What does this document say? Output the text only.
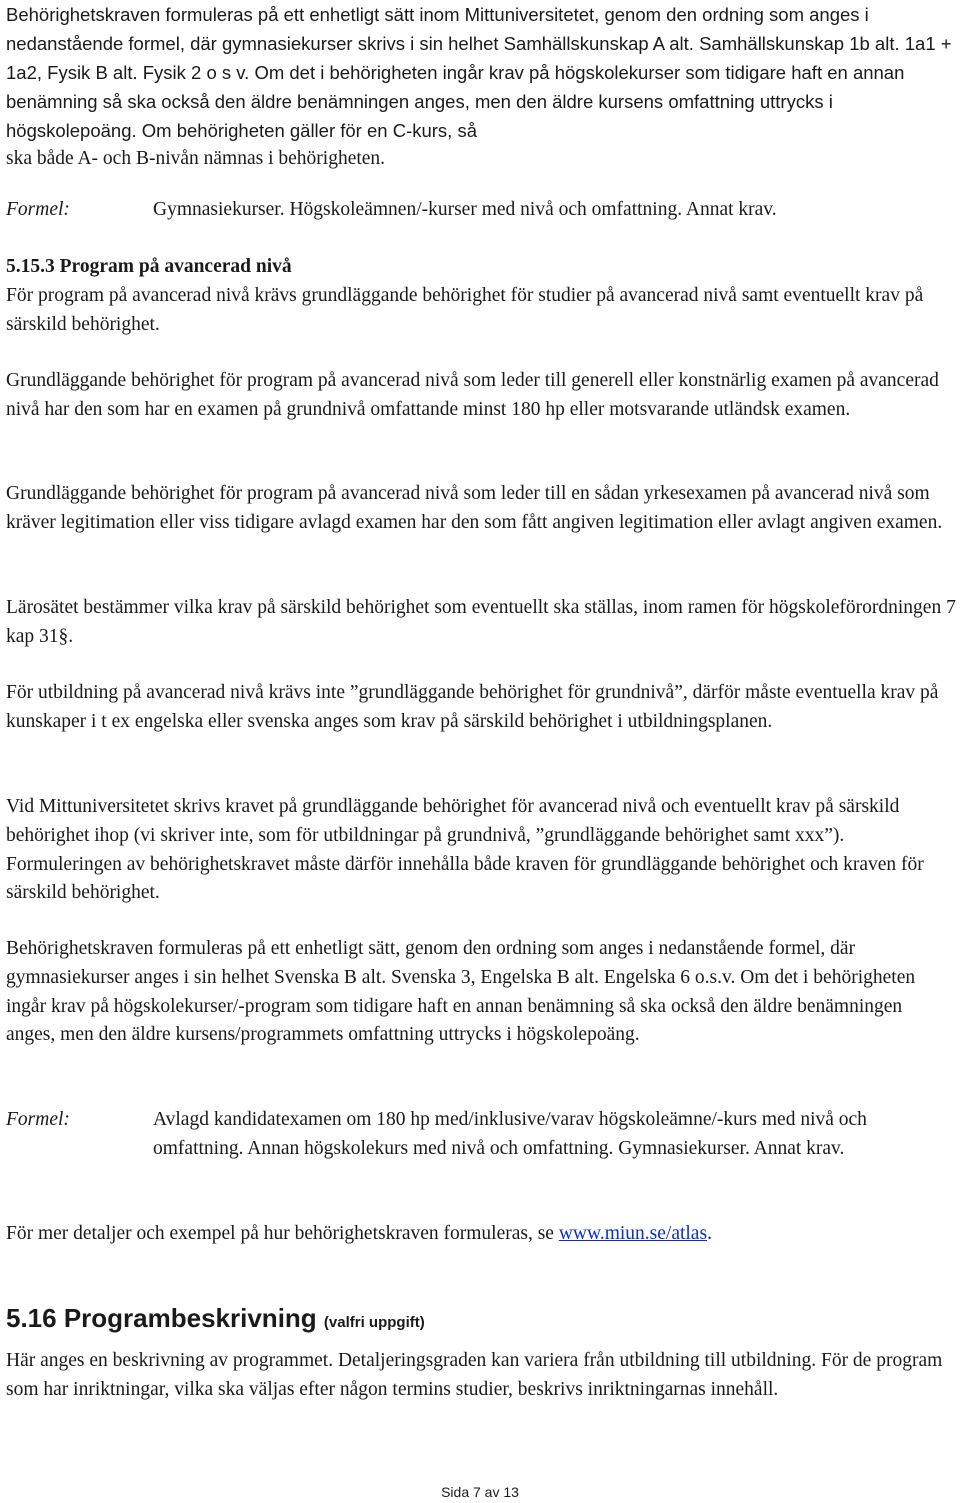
Behörighetskraven formuleras på ett enhetligt sätt inom Mittuniversitetet, genom den ordning som anges i nedanstående formel, där gymnasiekurser skrivs i sin helhet Samhällskunskap A alt. Samhällskunskap 1b alt. 1a1 + 1a2, Fysik B alt. Fysik 2 o s v. Om det i behörigheten ingår krav på högskolekurser som tidigare haft en annan benämning så ska också den äldre benämningen anges, men den äldre kursens omfattning uttrycks i högskolepoäng. Om behörigheten gäller för en C-kurs, så

ska både A- och B-nivån nämnas i behörigheten.

Formel:	Gymnasiekurser. Högskoleämnen/-kurser med nivå och omfattning. Annat krav.

5.15.3 Program på avancerad nivå

För program på avancerad nivå krävs grundläggande behörighet för studier på avancerad nivå samt eventuellt krav på särskild behörighet.

Grundläggande behörighet för program på avancerad nivå som leder till generell eller konstnärlig examen på avancerad nivå har den som har en examen på grundnivå omfattande minst 180 hp eller motsvarande utländsk examen.
Grundläggande behörighet för program på avancerad nivå som leder till en sådan yrkesexamen på avancerad nivå som kräver legitimation eller viss tidigare avlagd examen har den som fått angiven legitimation eller avlagt angiven examen.
Lärosätet bestämmer vilka krav på särskild behörighet som eventuellt ska ställas, inom ramen för högskoleförordningen 7 kap 31§.
För utbildning på avancerad nivå krävs inte ”grundläggande behörighet för grundnivå”, därför måste eventuella krav på kunskaper i t ex engelska eller svenska anges som krav på särskild behörighet i utbildningsplanen.
Vid Mittuniversitetet skrivs kravet på grundläggande behörighet för avancerad nivå och eventuellt krav på särskild behörighet ihop (vi skriver inte, som för utbildningar på grundnivå, ”grundläggande behörighet samt xxx”). Formuleringen av behörighetskravet måste därför innehålla både kraven för grundläggande behörighet och kraven för särskild behörighet.
Behörighetskraven formuleras på ett enhetligt sätt, genom den ordning som anges i nedanstående formel, där gymnasiekurser anges i sin helhet Svenska B alt. Svenska 3, Engelska B alt. Engelska 6 o.s.v. Om det i behörigheten ingår krav på högskolekurser/-program som tidigare haft en annan benämning så ska också den äldre benämningen anges, men den äldre kursens/programmets omfattning uttrycks i högskolepoäng.
Formel:	Avlagd kandidatexamen om 180 hp med/inklusive/varav högskoleämne/-kurs med nivå och omfattning. Annan högskolekurs med nivå och omfattning. Gymnasiekurser. Annat krav.
För mer detaljer och exempel på hur behörighetskraven formuleras, se www.miun.se/atlas.

5.16 Programbeskrivning (valfri uppgift)

Här anges en beskrivning av programmet. Detaljeringsgraden kan variera från utbildning till utbildning. För de program som har inriktningar, vilka ska väljas efter någon termins studier, beskrivs inriktningarnas innehåll.

Sida 7 av 13
